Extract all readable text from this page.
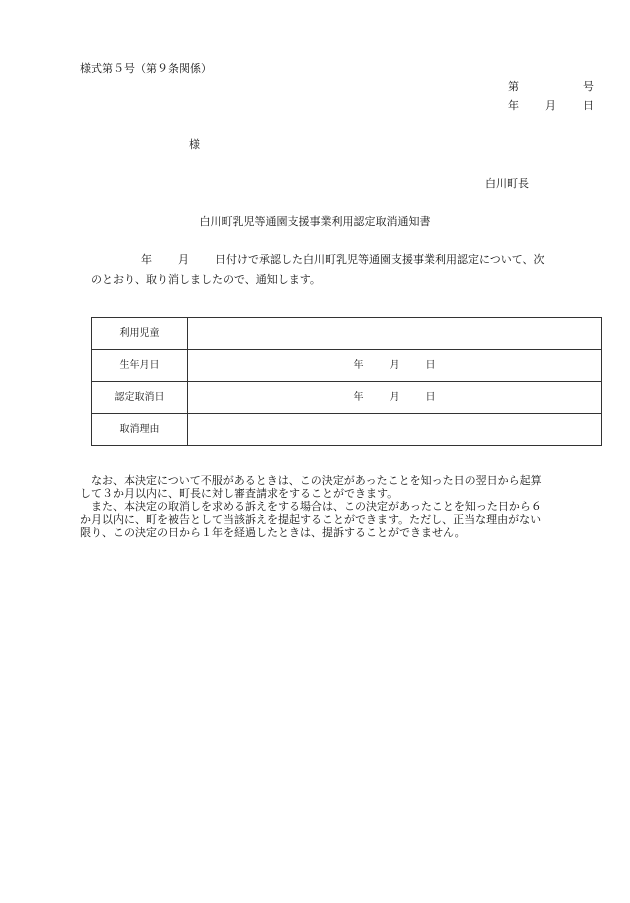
様式第５号（第９条関係）
第	号
年 月 日
様
白川町長
白川町乳児等通園支援事業利用認定取消通知書
年 月 日付けで承認した白川町乳児等通園支援事業利用認定について、次
のとおり、取り消しましたので、通知します。
利用児童	
生年月日	年 月 日
認定取消日	年 月 日
取消理由	
なお、本決定について不服があるときは、この決定があったことを知った日の翌日から起算
して３か月以内に、町長に対し審査請求をすることができます。
また、本決定の取消しを求める訴えをする場合は、この決定があったことを知った日から６
か月以内に、町を被告として当該訴えを提起することができます。ただし、正当な理由がない
限り、この決定の日から１年を経過したときは、提訴することができません。
